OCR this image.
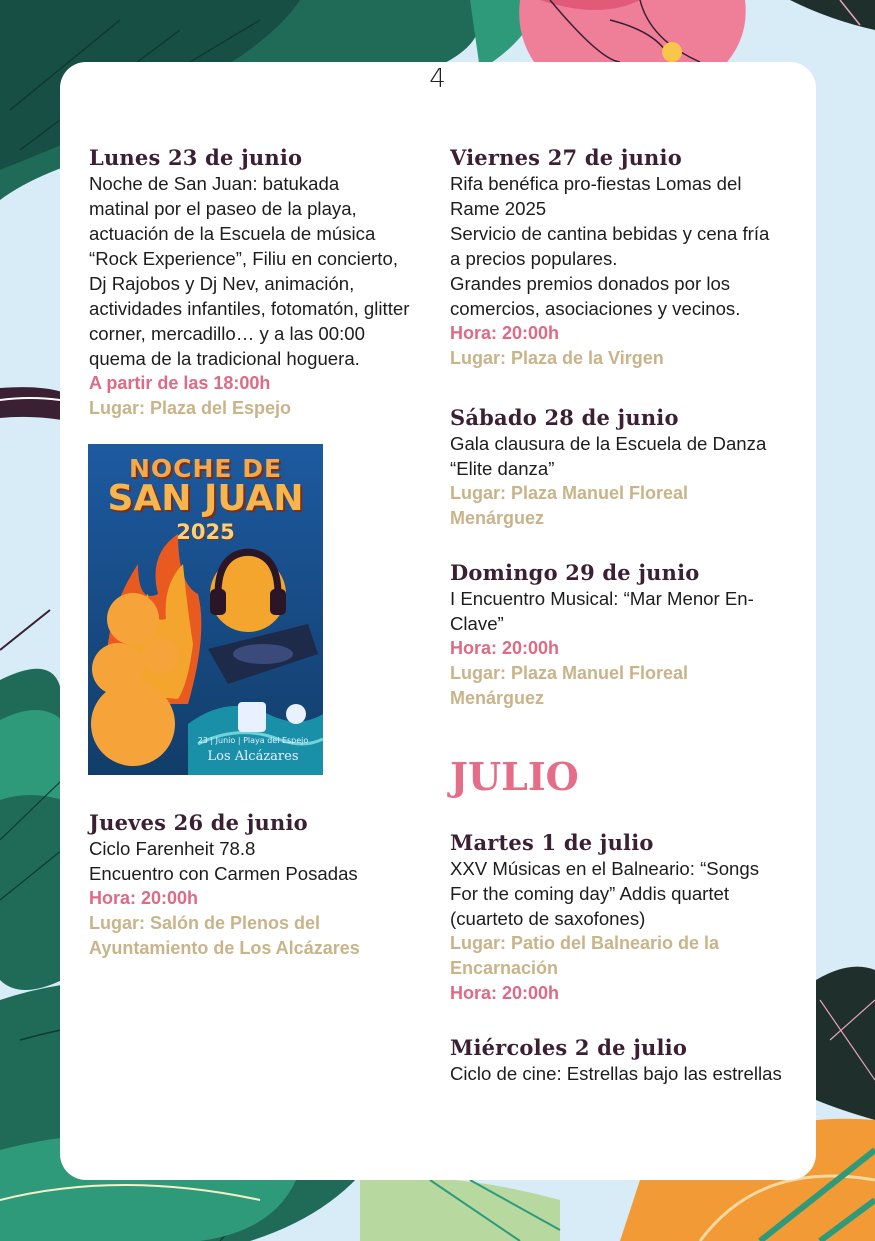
4

Lunes 23 de junio

Noche de San Juan: batukada
matinal por el paseo de la playa,
actuación de la Escuela de música
“Rock Experience”, Filiu en concierto,
Dj Rajobos y Dj Nev, animación,
actividades infantiles, fotomatón, glitter
corner, mercadillo… y a las 00:00
quema de la tradicional hoguera.

A partir de las 18:00h

Lugar: Plaza del Espejo

NOCHE DE
SAN JUAN
2025
23 | Junio | Playa del Espejo
Los Alcázares

Jueves 26 de junio

Ciclo Farenheit 78.8
Encuentro con Carmen Posadas

Hora: 20:00h

Lugar: Salón de Plenos del
Ayuntamiento de Los Alcázares

Viernes 27 de junio

Rifa benéfica pro-fiestas Lomas del
Rame 2025
Servicio de cantina bebidas y cena fría
a precios populares.
Grandes premios donados por los
comercios, asociaciones y vecinos.

Hora: 20:00h

Lugar: Plaza de la Virgen

Sábado 28 de junio

Gala clausura de la Escuela de Danza
“Elite danza”

Lugar: Plaza Manuel Floreal
Menárguez

Domingo 29 de junio

I Encuentro Musical: “Mar Menor En-
Clave”

Hora: 20:00h

Lugar: Plaza Manuel Floreal
Menárguez

JULIO

Martes 1 de julio

XXV Músicas en el Balneario: “Songs
For the coming day” Addis quartet
(cuarteto de saxofones)

Lugar: Patio del Balneario de la
Encarnación

Hora: 20:00h

Miércoles 2 de julio

Ciclo de cine: Estrellas bajo las estrellas
